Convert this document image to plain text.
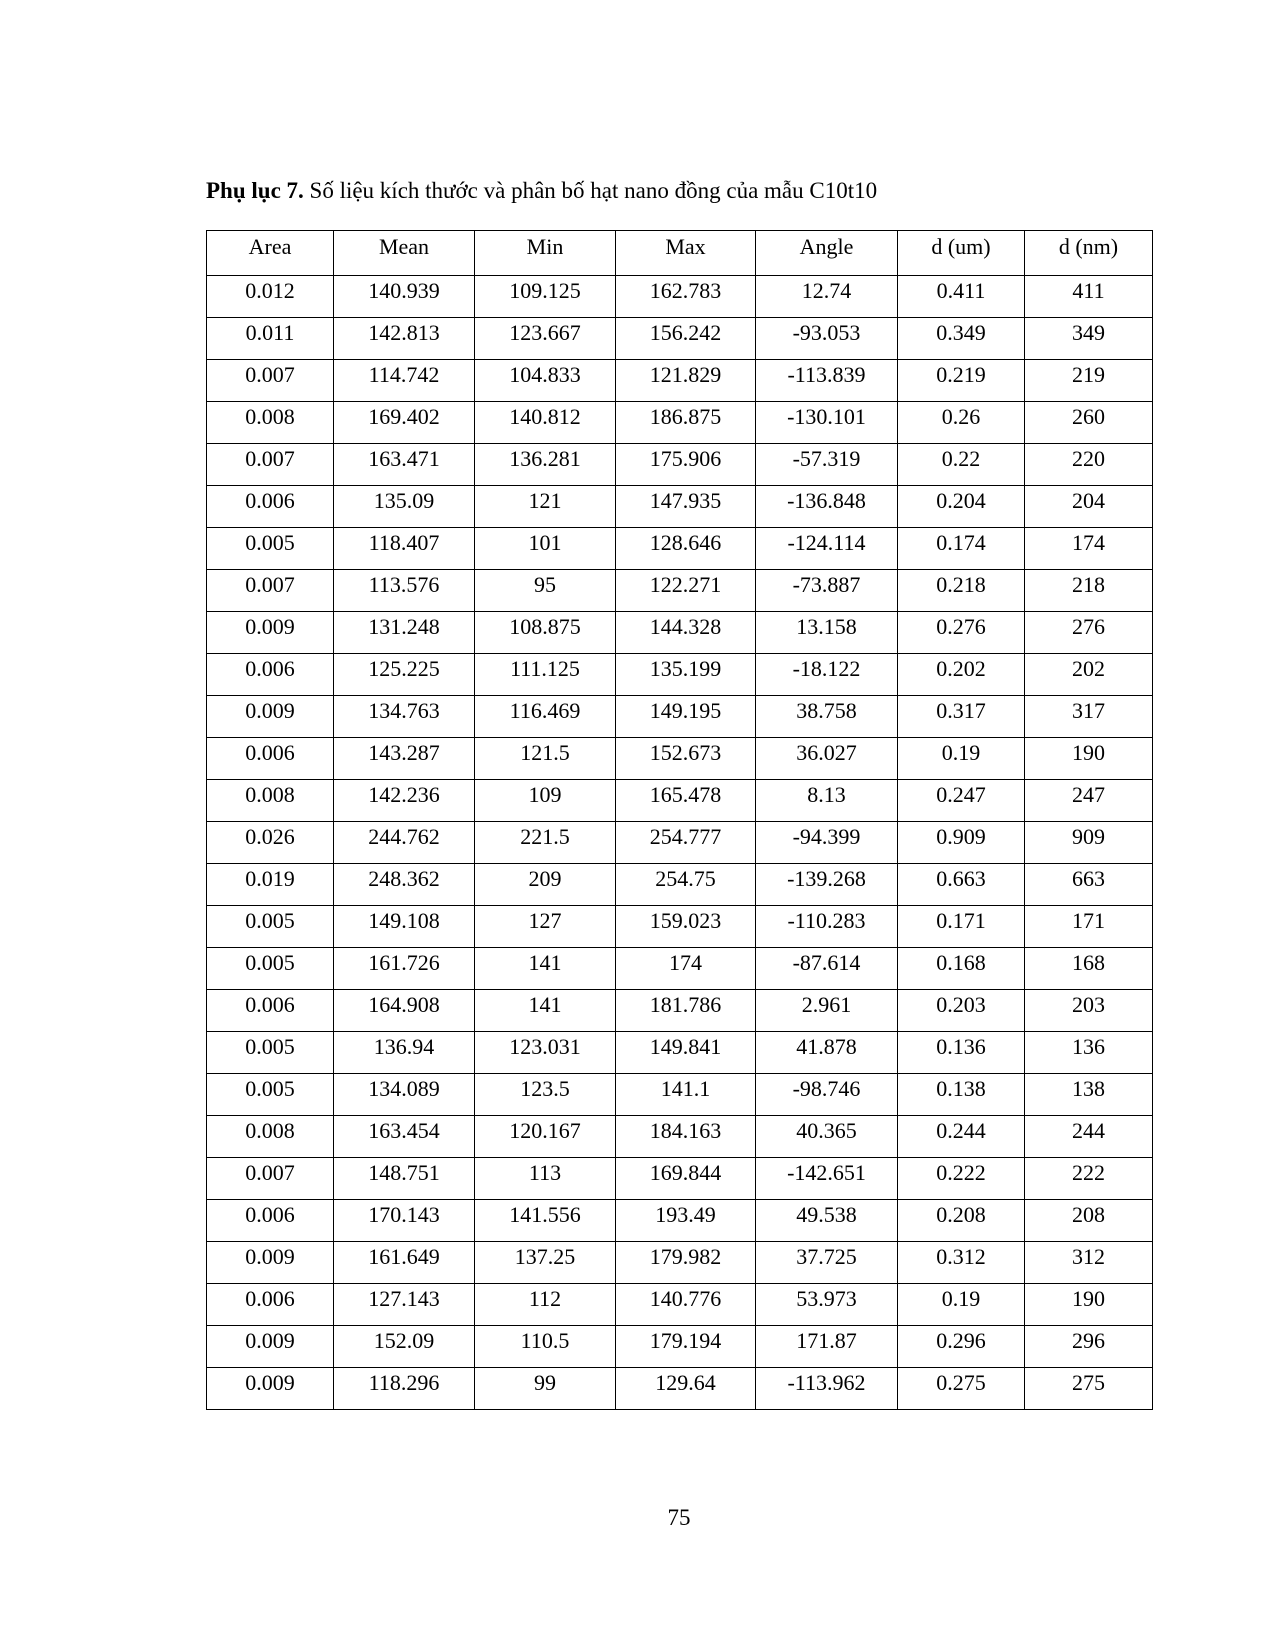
Phụ lục 7. Số liệu kích thước và phân bố hạt nano đồng của mẫu C10t10
Area	Mean	Min	Max	Angle	d (um)	d (nm)
0.012	140.939	109.125	162.783	12.74	0.411	411
0.011	142.813	123.667	156.242	-93.053	0.349	349
0.007	114.742	104.833	121.829	-113.839	0.219	219
0.008	169.402	140.812	186.875	-130.101	0.26	260
0.007	163.471	136.281	175.906	-57.319	0.22	220
0.006	135.09	121	147.935	-136.848	0.204	204
0.005	118.407	101	128.646	-124.114	0.174	174
0.007	113.576	95	122.271	-73.887	0.218	218
0.009	131.248	108.875	144.328	13.158	0.276	276
0.006	125.225	111.125	135.199	-18.122	0.202	202
0.009	134.763	116.469	149.195	38.758	0.317	317
0.006	143.287	121.5	152.673	36.027	0.19	190
0.008	142.236	109	165.478	8.13	0.247	247
0.026	244.762	221.5	254.777	-94.399	0.909	909
0.019	248.362	209	254.75	-139.268	0.663	663
0.005	149.108	127	159.023	-110.283	0.171	171
0.005	161.726	141	174	-87.614	0.168	168
0.006	164.908	141	181.786	2.961	0.203	203
0.005	136.94	123.031	149.841	41.878	0.136	136
0.005	134.089	123.5	141.1	-98.746	0.138	138
0.008	163.454	120.167	184.163	40.365	0.244	244
0.007	148.751	113	169.844	-142.651	0.222	222
0.006	170.143	141.556	193.49	49.538	0.208	208
0.009	161.649	137.25	179.982	37.725	0.312	312
0.006	127.143	112	140.776	53.973	0.19	190
0.009	152.09	110.5	179.194	171.87	0.296	296
0.009	118.296	99	129.64	-113.962	0.275	275
75
